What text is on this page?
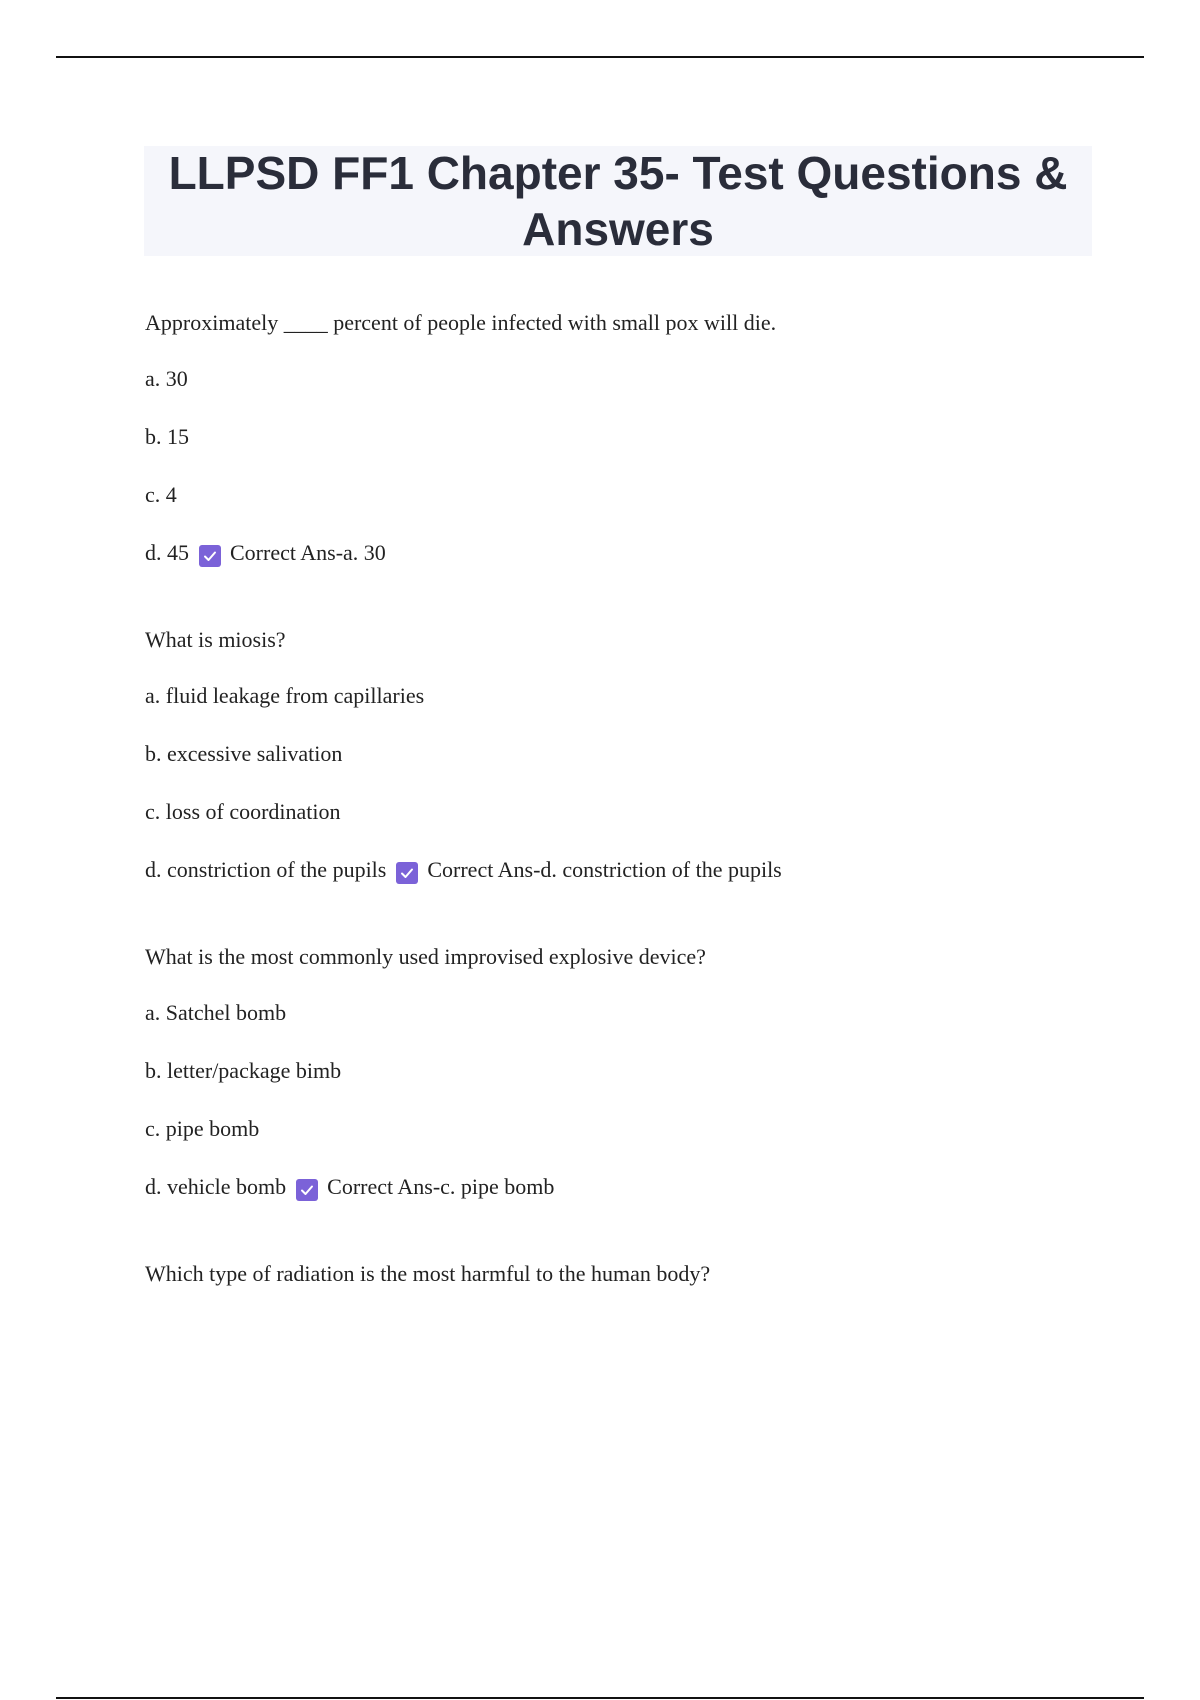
LLPSD FF1 Chapter 35- Test Questions & Answers

Approximately ____ percent of people infected with small pox will die.

a. 30

b. 15

c. 4

d. 45 Correct Ans-a. 30

What is miosis?

a. fluid leakage from capillaries

b. excessive salivation

c. loss of coordination

d. constriction of the pupils Correct Ans-d. constriction of the pupils

What is the most commonly used improvised explosive device?

a. Satchel bomb

b. letter/package bimb

c. pipe bomb

d. vehicle bomb Correct Ans-c. pipe bomb

Which type of radiation is the most harmful to the human body?
